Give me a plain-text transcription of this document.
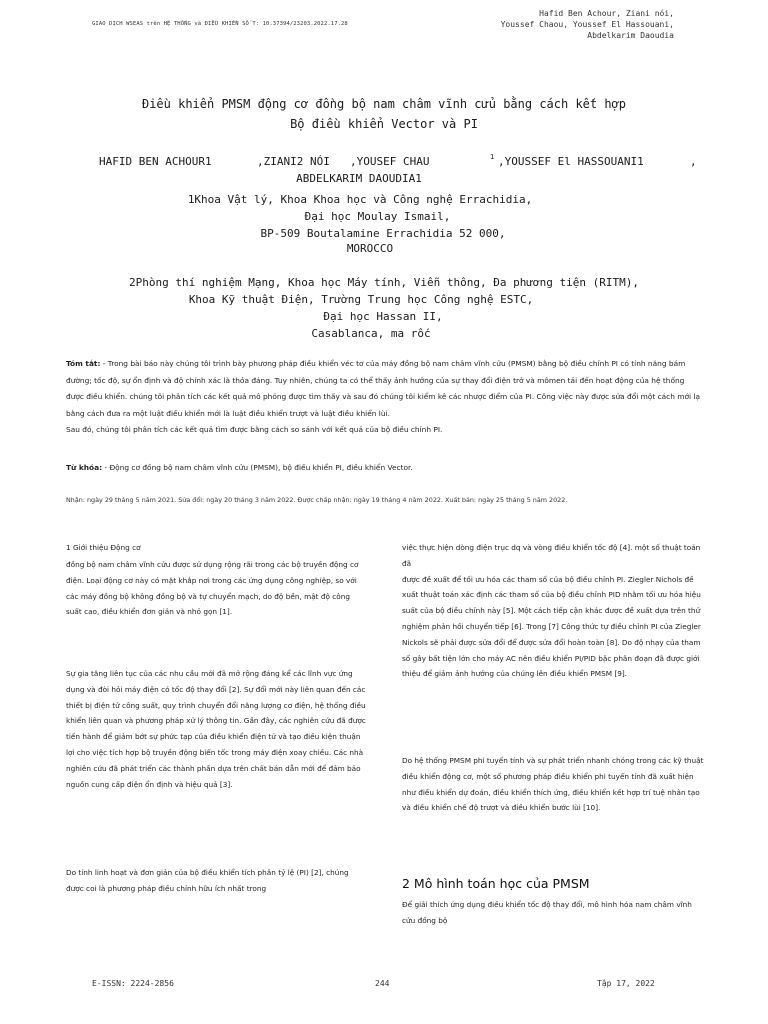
GIAO DỊCH WSEAS trên HỆ THỐNG và ĐIỀU KHIỂN SỐ T: 10.37394/23203.2022.17.28
Hafid Ben Achour, Ziani nói,
Youssef Chaou, Youssef El Hassouani,
Abdelkarim Daoudia
Điều khiển PMSM động cơ đồng bộ nam châm vĩnh cửu bằng cách kết hợp
Bộ điều khiển Vector và PI
HAFID BEN ACHOUR1	,ZIANI2 NÓI ,YOUSEF CHAU	1 ,YOUSSEF El HASSOUANI1	,
ABDELKARIM DAOUDIA1
1Khoa Vật lý, Khoa Khoa học và Công nghệ Errachidia,
Đại học Moulay Ismail,
BP-509 Boutalamine Errachidia 52 000,
MOROCCO
2Phòng thí nghiệm Mạng, Khoa học Máy tính, Viễn thông, Đa phương tiện (RITM),
Khoa Kỹ thuật Điện, Trường Trung học Công nghệ ESTC,
Đại học Hassan II,
Casablanca, ma rốc

Tóm tắt: - Trong bài báo này chúng tôi trình bày phương pháp điều khiển véc tơ của máy đồng bộ nam châm vĩnh cửu (PMSM) bằng bộ điều chỉnh PI có tính năng bám đường; tốc độ, sự ổn định và độ chính xác là thỏa đáng. Tuy nhiên, chúng ta có thể thấy ảnh hưởng của sự thay đổi điện trở và mômen tải đến hoạt động của hệ thống được điều khiển. chúng tôi phân tích các kết quả mô phỏng được tìm thấy và sau đó chúng tôi kiểm kê các nhược điểm của PI. Công việc này được sửa đổi một cách mới lạ bằng cách đưa ra một luật điều khiển mới là luật điều khiển trượt và luật điều khiển lùi.

Sau đó, chúng tôi phân tích các kết quả tìm được bằng cách so sánh với kết quả của bộ điều chỉnh PI.

Từ khóa: - Động cơ đồng bộ nam châm vĩnh cửu (PMSM), bộ điều khiển PI, điều khiển Vector.
Nhận: ngày 29 tháng 5 năm 2021. Sửa đổi: ngày 20 tháng 3 năm 2022. Được chấp nhận: ngày 19 tháng 4 năm 2022. Xuất bản: ngày 25 tháng 5 năm 2022.
1 Giới thiệu Động cơ
đồng bộ nam châm vĩnh cửu được sử dụng rộng rãi trong các bộ truyền động cơ điện. Loại động cơ này có mặt khắp nơi trong các ứng dụng công nghiệp, so với các máy đồng bộ không đồng bộ và tự chuyển mạch, do độ bền, mật độ công suất cao, điều khiển đơn giản và nhỏ gọn [1].
Sự gia tăng liên tục của các nhu cầu mới đã mở rộng đáng kể các lĩnh vực ứng dụng và đòi hỏi máy điện có tốc độ thay đổi [2]. Sự đổi mới này liên quan đến các thiết bị điện tử công suất, quy trình chuyển đổi năng lượng cơ điện, hệ thống điều khiển liên quan và phương pháp xử lý thông tin. Gần đây, các nghiên cứu đã được tiến hành để giảm bớt sự phức tạp của điều khiển điện tử và tạo điều kiện thuận lợi cho việc tích hợp bộ truyền động biến tốc trong máy điện xoay chiều. Các nhà nghiên cứu đã phát triển các thành phần dựa trên chất bán dẫn mới để đảm bảo nguồn cung cấp điện ổn định và hiệu quả [3].
Do tính linh hoạt và đơn giản của bộ điều khiển tích phân tỷ lệ (PI) [2], chúng được coi là phương pháp điều chỉnh hữu ích nhất trong

việc thực hiện dòng điện trục dq và vòng điều khiển tốc độ [4]. một số thuật toán đã

được đề xuất để tối ưu hóa các tham số của bộ điều chỉnh PI. Ziegler Nichols đề xuất thuật toán xác định các tham số của bộ điều chỉnh PID nhằm tối ưu hóa hiệu suất của bộ điều chỉnh này [5]. Một cách tiếp cận khác được đề xuất dựa trên thử nghiệm phản hồi chuyển tiếp [6]. Trong [7] Công thức tự điều chỉnh PI của Ziegler Nickols sẽ phải được sửa đổi để được sửa đổi hoàn toàn [8]. Do độ nhạy của tham số gây bất tiện lớn cho máy AC nên điều khiển PI/PID bậc phân đoạn đã được giới thiệu để giảm ảnh hưởng của chúng lên điều khiển PMSM [9].

Do hệ thống PMSM phi tuyến tính và sự phát triển nhanh chóng trong các kỹ thuật điều khiển động cơ, một số phương pháp điều khiển phi tuyến tính đã xuất hiện như điều khiển dự đoán, điều khiển thích ứng, điều khiển kết hợp trí tuệ nhân tạo và điều khiển chế độ trượt và điều khiển bước lùi [10].
2 Mô hình toán học của PMSM
Để giải thích ứng dụng điều khiển tốc độ thay đổi, mô hình hóa nam châm vĩnh cửu đồng bộ
E-ISSN: 2224-2856	244	Tập 17, 2022
